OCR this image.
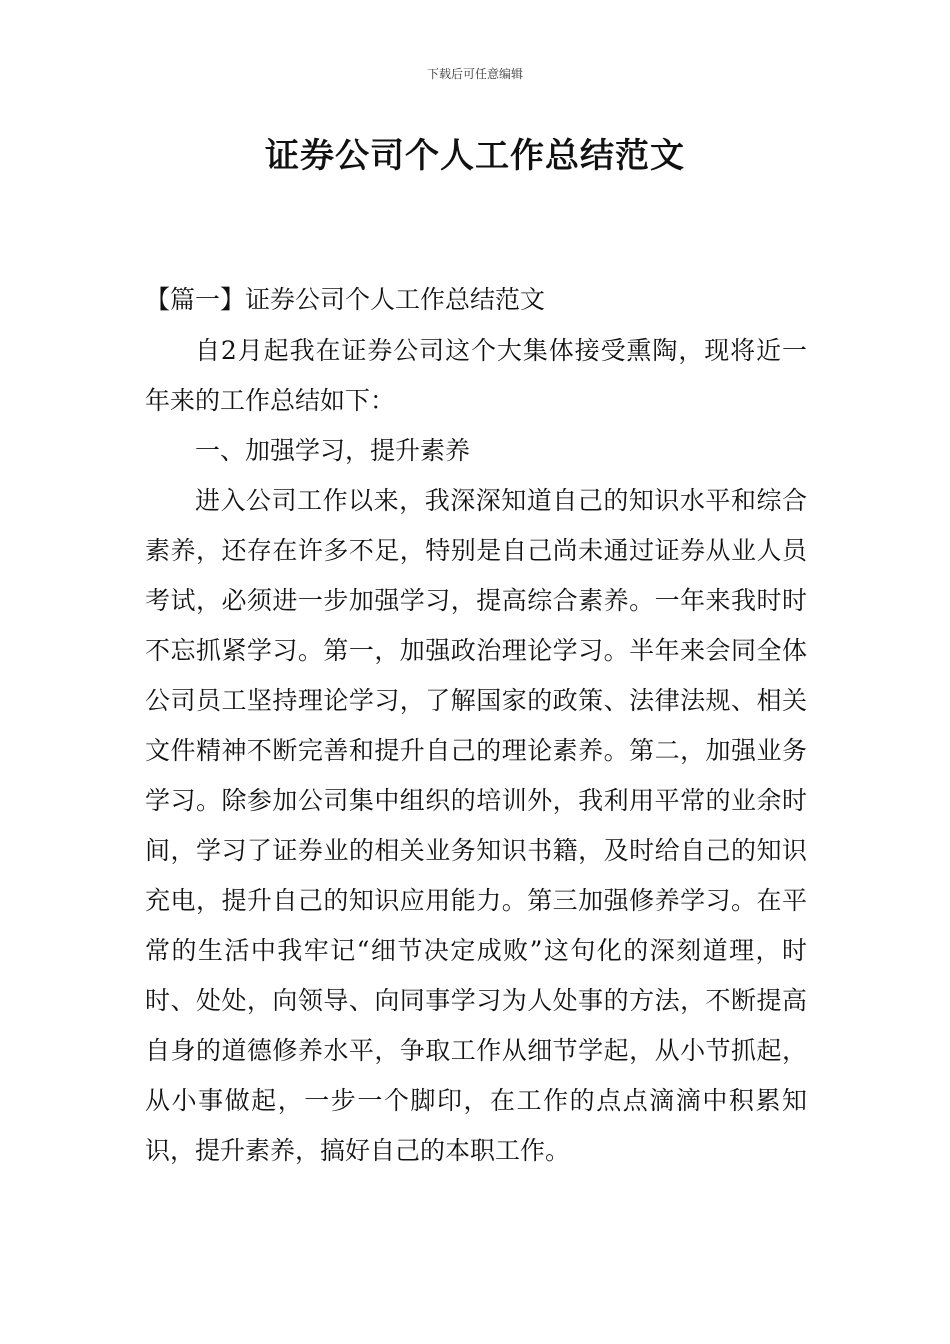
下载后可任意编辑
证券公司个人工作总结范文
【篇一】证券公司个人工作总结范文

自2月起我在证券公司这个大集体接受熏陶，现将近一年来的工作总结如下：

一、加强学习，提升素养

进入公司工作以来，我深深知道自己的知识水平和综合素养，还存在许多不足，特别是自己尚未通过证券从业人员考试，必须进一步加强学习，提高综合素养。一年来我时时不忘抓紧学习。第一，加强政治理论学习。半年来会同全体公司员工坚持理论学习，了解国家的政策、法律法规、相关文件精神不断完善和提升自己的理论素养。第二，加强业务学习。除参加公司集中组织的培训外，我利用平常的业余时间，学习了证券业的相关业务知识书籍，及时给自己的知识充电，提升自己的知识应用能力。第三加强修养学习。在平常的生活中我牢记“细节决定成败”这句化的深刻道理，时时、处处，向领导、向同事学习为人处事的方法，不断提高自身的道德修养水平，争取工作从细节学起，从小节抓起，从小事做起，一步一个脚印，在工作的点点滴滴中积累知识，提升素养，搞好自己的本职工作。
